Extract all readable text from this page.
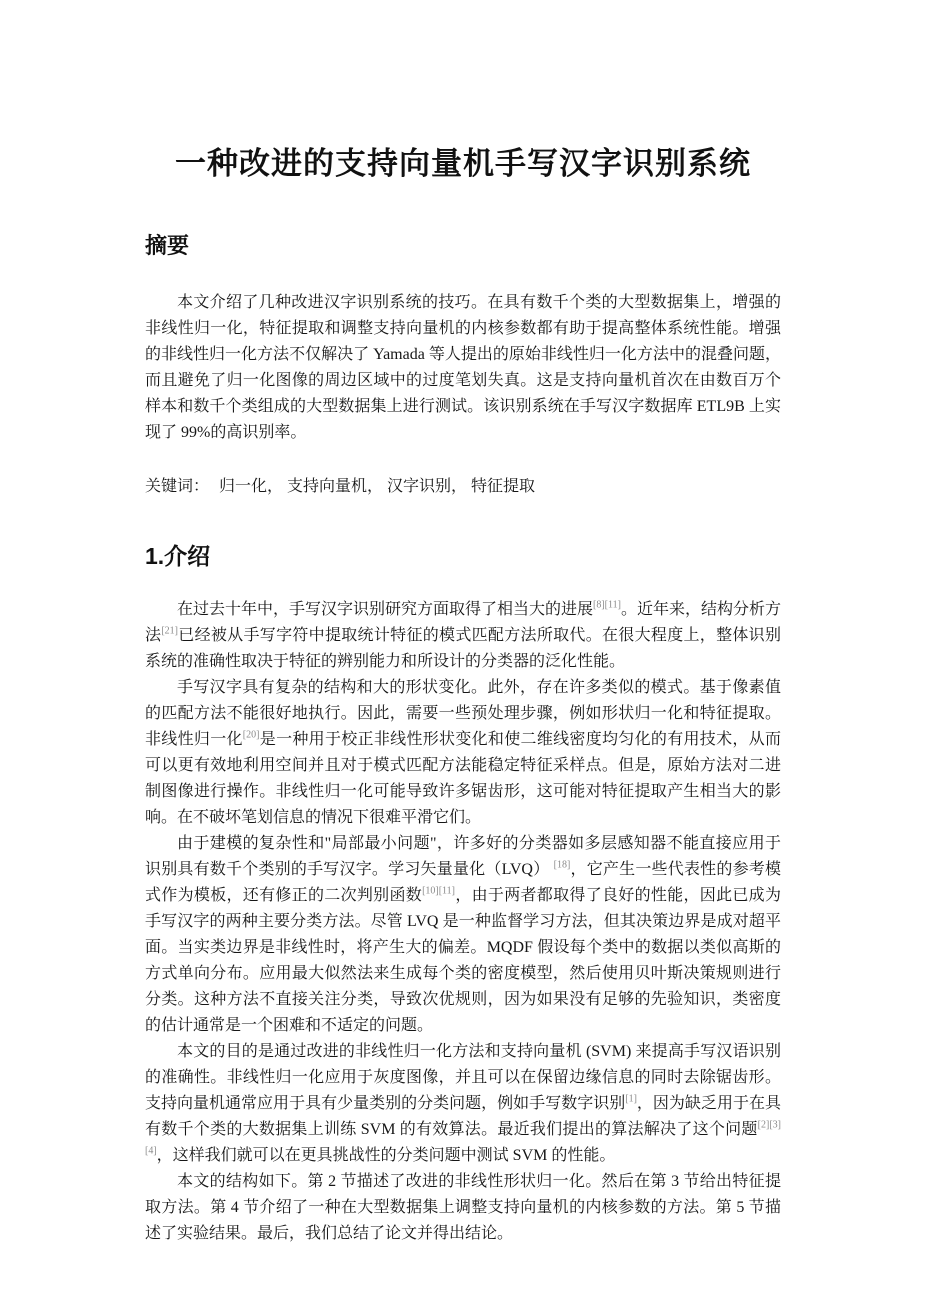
一种改进的支持向量机手写汉字识别系统
摘要

本文介绍了几种改进汉字识别系统的技巧。在具有数千个类的大型数据集上，增强的非线性归一化，特征提取和调整支持向量机的内核参数都有助于提高整体系统性能。增强的非线性归一化方法不仅解决了 Yamada 等人提出的原始非线性归一化方法中的混叠问题，而且避免了归一化图像的周边区域中的过度笔划失真。这是支持向量机首次在由数百万个样本和数千个类组成的大型数据集上进行测试。该识别系统在手写汉字数据库 ETL9B 上实现了 99%的高识别率。

关键词： 归一化， 支持向量机， 汉字识别， 特征提取

1.介绍

在过去十年中，手写汉字识别研究方面取得了相当大的进展[8][11]。近年来，结构分析方法[21]已经被从手写字符中提取统计特征的模式匹配方法所取代。在很大程度上，整体识别系统的准确性取决于特征的辨别能力和所设计的分类器的泛化性能。

手写汉字具有复杂的结构和大的形状变化。此外，存在许多类似的模式。基于像素值的匹配方法不能很好地执行。因此，需要一些预处理步骤，例如形状归一化和特征提取。非线性归一化[20]是一种用于校正非线性形状变化和使二维线密度均匀化的有用技术，从而可以更有效地利用空间并且对于模式匹配方法能稳定特征采样点。但是，原始方法对二进制图像进行操作。非线性归一化可能导致许多锯齿形，这可能对特征提取产生相当大的影响。在不破坏笔划信息的情况下很难平滑它们。

由于建模的复杂性和"局部最小问题"，许多好的分类器如多层感知器不能直接应用于识别具有数千个类别的手写汉字。学习矢量量化（LVQ） [18]，它产生一些代表性的参考模式作为模板，还有修正的二次判别函数[10][11]，由于两者都取得了良好的性能，因此已成为手写汉字的两种主要分类方法。尽管 LVQ 是一种监督学习方法，但其决策边界是成对超平面。当实类边界是非线性时，将产生大的偏差。MQDF 假设每个类中的数据以类似高斯的方式单向分布。应用最大似然法来生成每个类的密度模型，然后使用贝叶斯决策规则进行分类。这种方法不直接关注分类，导致次优规则，因为如果没有足够的先验知识，类密度的估计通常是一个困难和不适定的问题。

本文的目的是通过改进的非线性归一化方法和支持向量机 (SVM) 来提高手写汉语识别的准确性。非线性归一化应用于灰度图像，并且可以在保留边缘信息的同时去除锯齿形。支持向量机通常应用于具有少量类别的分类问题，例如手写数字识别[1]，因为缺乏用于在具有数千个类的大数据集上训练 SVM 的有效算法。最近我们提出的算法解决了这个问题[2][3][4]，这样我们就可以在更具挑战性的分类问题中测试 SVM 的性能。

本文的结构如下。第 2 节描述了改进的非线性形状归一化。然后在第 3 节给出特征提取方法。第 4 节介绍了一种在大型数据集上调整支持向量机的内核参数的方法。第 5 节描述了实验结果。最后，我们总结了论文并得出结论。
